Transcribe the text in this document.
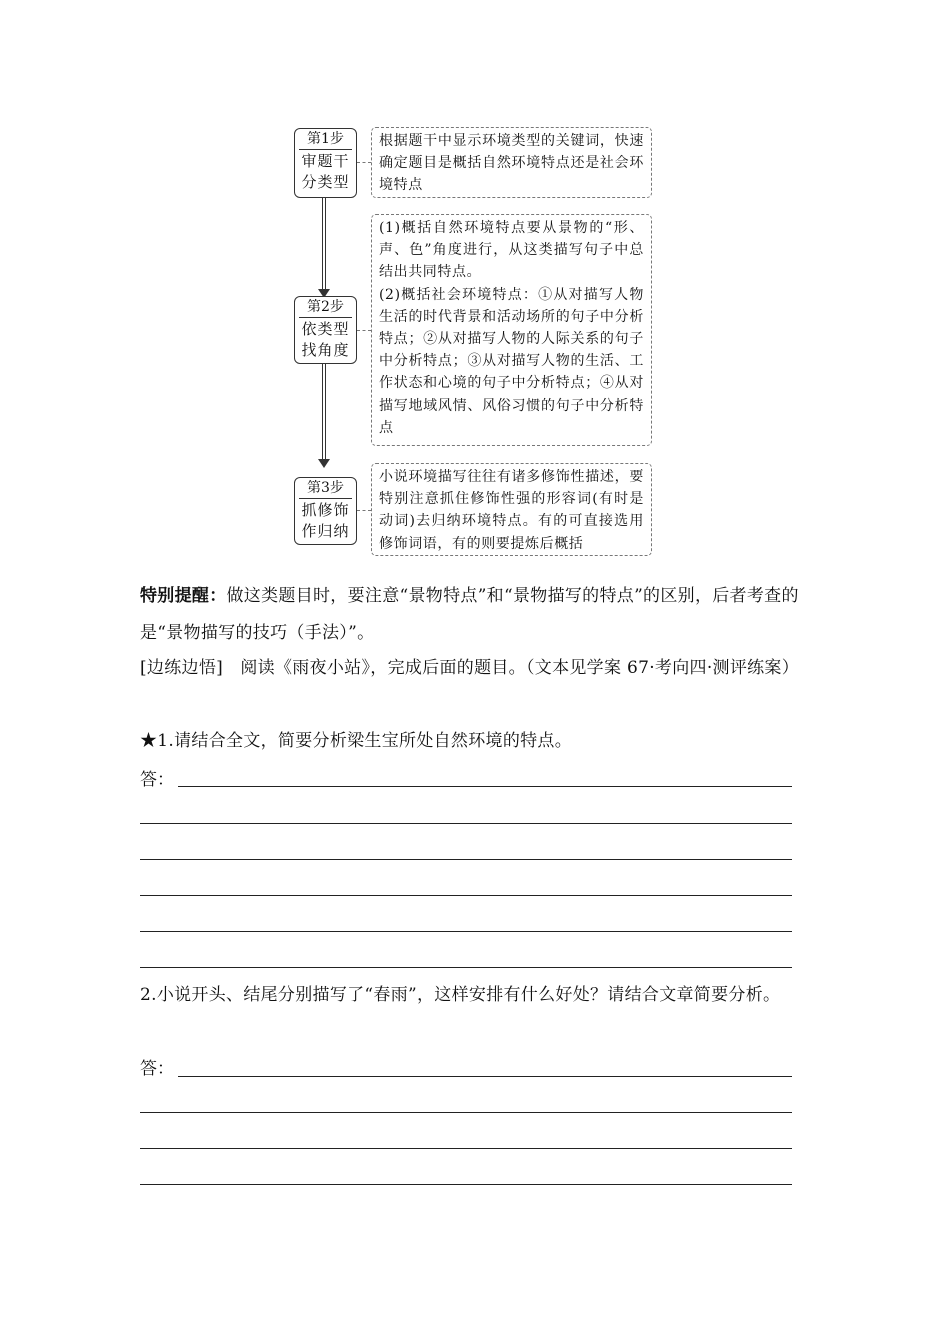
第1步
审题干分类型

根据题干中显示环境类型的关键词，快速确定题目是概括自然环境特点还是社会环境特点

第2步
依类型找角度

(1)概括自然环境特点要从景物的“形、声、色”角度进行，从这类描写句子中总结出共同特点。

(2)概括社会环境特点：①从对描写人物生活的时代背景和活动场所的句子中分析特点；②从对描写人物的人际关系的句子中分析特点；③从对描写人物的生活、工作状态和心境的句子中分析特点；④从对描写地域风情、风俗习惯的句子中分析特点

第3步
抓修饰作归纳

小说环境描写往往有诸多修饰性描述，要特别注意抓住修饰性强的形容词(有时是动词)去归纳环境特点。有的可直接选用修饰词语，有的则要提炼后概括

特别提醒：做这类题目时，要注意“景物特点”和“景物描写的特点”的区别，后者考查的是“景物描写的技巧（手法）”。
[边练边悟]　阅读《雨夜小站》，完成后面的题目。（文本见学案 67·考向四·测评练案）
★1.请结合全文，简要分析梁生宝所处自然环境的特点。
答：
2.小说开头、结尾分别描写了“春雨”，这样安排有什么好处？请结合文章简要分析。
答：
